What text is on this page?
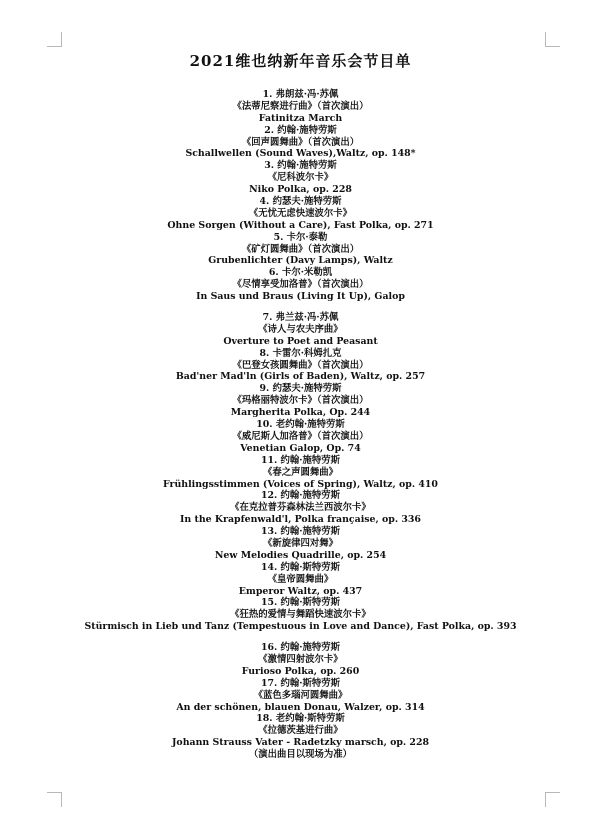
2021维也纳新年音乐会节目单
1. 弗朗兹·冯·苏佩
《法蒂尼察进行曲》（首次演出）
Fatinitza March
2. 约翰·施特劳斯
《回声圆舞曲》（首次演出）
Schallwellen (Sound Waves),Waltz, op. 148*
3. 约翰·施特劳斯
《尼科波尔卡》
Niko Polka, op. 228
4. 约瑟夫·施特劳斯
《无忧无虑快速波尔卡》
Ohne Sorgen (Without a Care), Fast Polka, op. 271
5. 卡尔·泰勒
《矿灯圆舞曲》（首次演出）
Grubenlichter (Davy Lamps), Waltz
6. 卡尔·米勒凯
《尽情享受加洛普》（首次演出）
In Saus und Braus (Living It Up), Galop
7. 弗兰兹·冯·苏佩
《诗人与农夫序曲》
Overture to Poet and Peasant
8. 卡雷尔·科姆扎克
《巴登女孩圆舞曲》（首次演出）
Bad'ner Mad'ln (Girls of Baden), Waltz, op. 257
9. 约瑟夫·施特劳斯
《玛格丽特波尔卡》（首次演出）
Margherita Polka, Op. 244
10. 老约翰·施特劳斯
《威尼斯人加洛普》（首次演出）
Venetian Galop, Op. 74
11. 约翰·施特劳斯
《春之声圆舞曲》
Frühlingsstimmen (Voices of Spring), Waltz, op. 410
12. 约翰·施特劳斯
《在克拉普芬森林法兰西波尔卡》
In the Krapfenwald'l, Polka française, op. 336
13. 约翰·施特劳斯
《新旋律四对舞》
New Melodies Quadrille, op. 254
14. 约翰·斯特劳斯
《皇帝圆舞曲》
Emperor Waltz, op. 437
15. 约翰·斯特劳斯
《狂热的爱情与舞蹈快速波尔卡》
Stürmisch in Lieb und Tanz (Tempestuous in Love and Dance), Fast Polka, op. 393
16. 约翰·施特劳斯
《激情四射波尔卡》
Furioso Polka, op. 260
17. 约翰·斯特劳斯
《蓝色多瑙河圆舞曲》
An der schönen, blauen Donau, Walzer, op. 314
18. 老约翰·斯特劳斯
《拉德茨基进行曲》
Johann Strauss Vater - Radetzky marsch, op. 228
（演出曲目以现场为准）
